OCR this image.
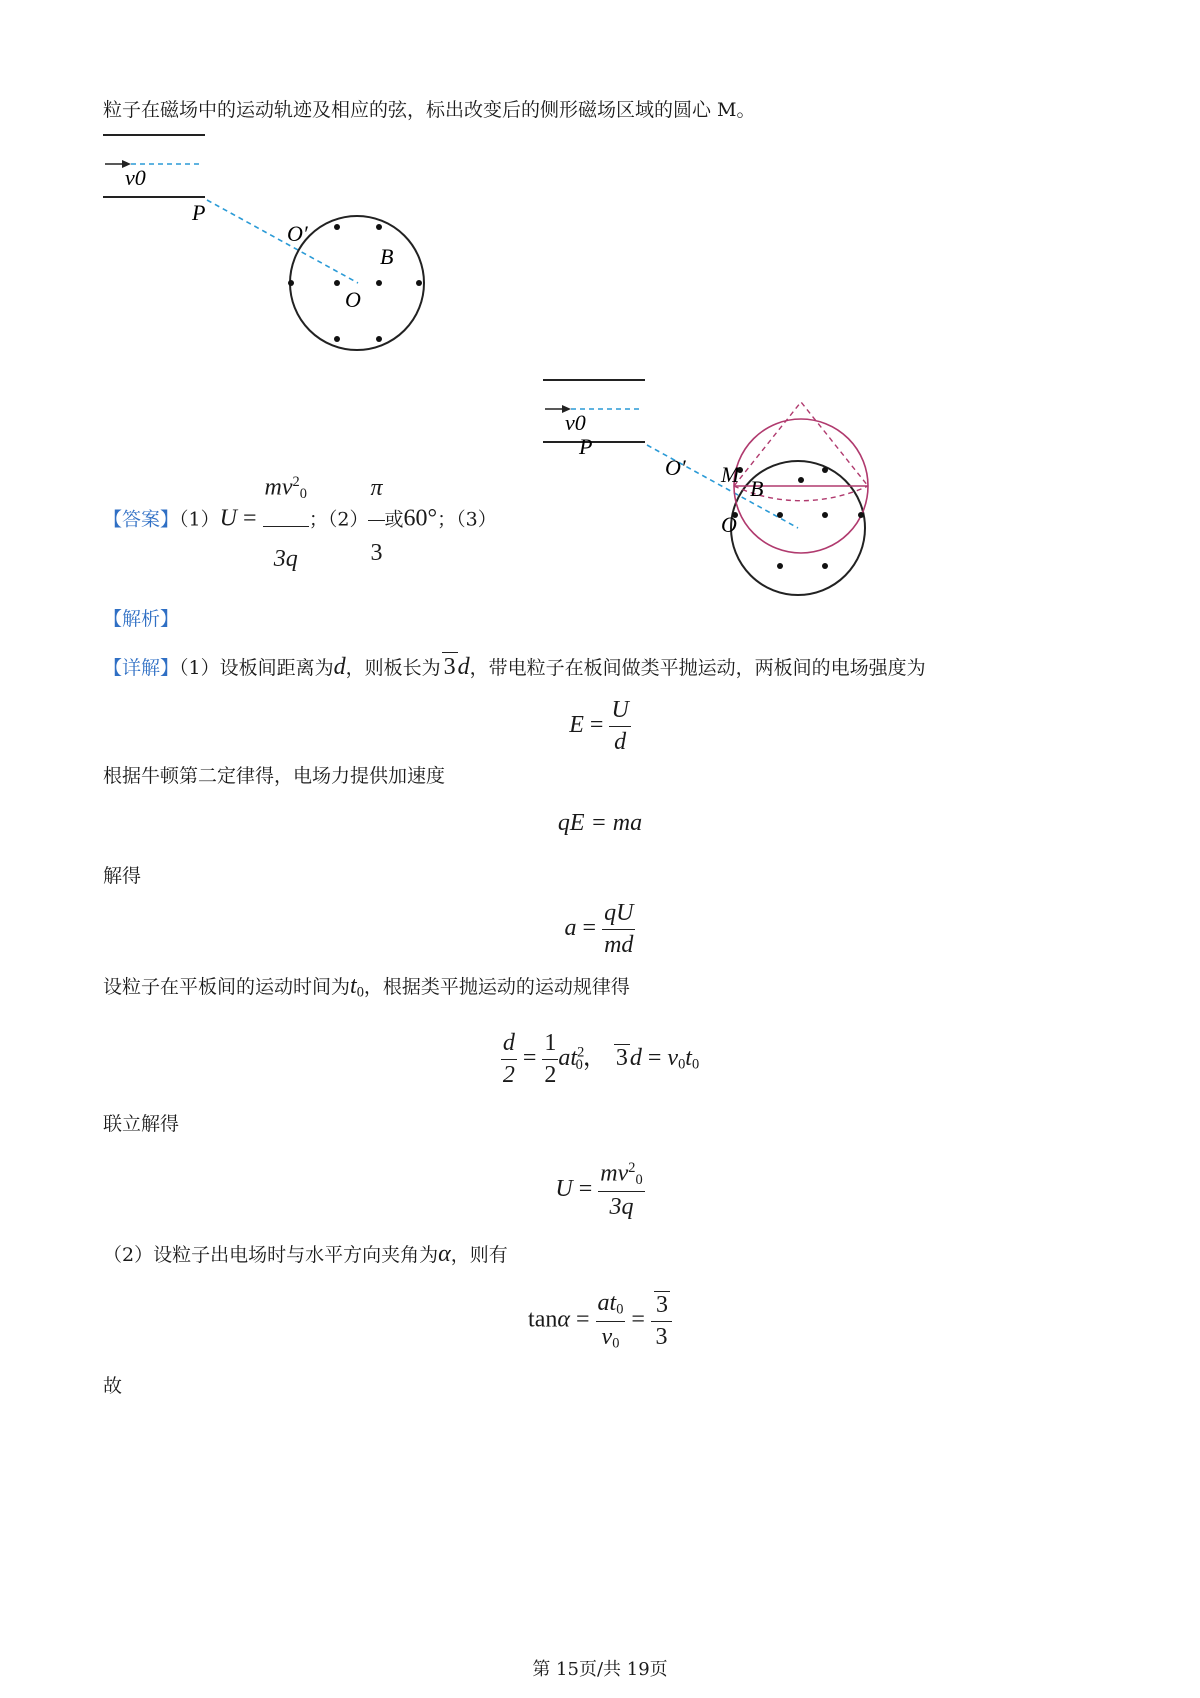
粒子在磁场中的运动轨迹及相应的弦，标出改变后的侧形磁场区域的圆心 M。
v0
P
O′
B
O
v0
P
O′ M
B
O
【答案】$(1)U = \frac{mv^2_0}{3q}$ ；$(2) \frac{\pi}{3}$ 或60°；（3）
【解析】
【详解】（1）设板间距离为d，则板长为 3d，带电粒子在板间做类平抛运动，两板间的电场强度为
$E = \frac{U}{d}$
根据牛顿第二定律得，电场力提供加速度
qE = ma
解得
$a = \frac{qU}{md}$
设粒子在平板间的运动时间为$t_0$，根据类平抛运动的运动规律得
$\frac{d}{2} = \frac{1}{2} at^2_0$， $3d = v_0t_0$
联立解得
$U = \frac{mv^2_0}{3q}$
（2）设粒子出电场时与水平方向夹角为α，则有
$\tan\alpha = \frac{at_0}{v_0} = \frac{3}{3}$
故
第 15页/共 19页
